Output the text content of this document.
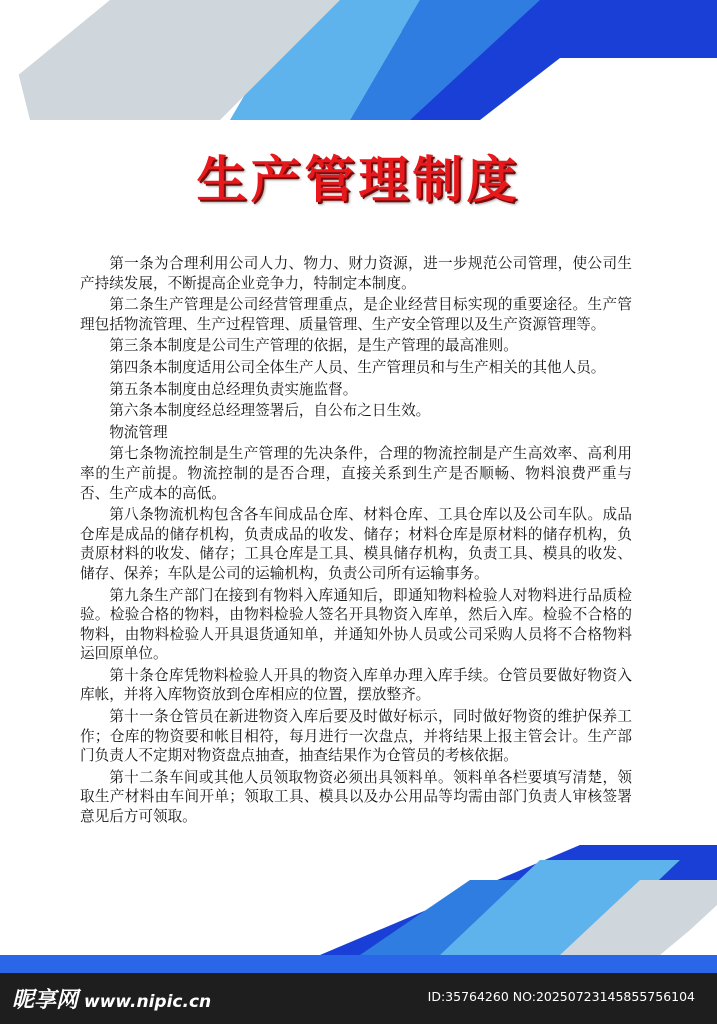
生产管理制度

第一条为合理利用公司人力、物力、财力资源，进一步规范公司管理，使公司生产持续发展，不断提高企业竞争力，特制定本制度。

第二条生产管理是公司经营管理重点，是企业经营目标实现的重要途径。生产管理包括物流管理、生产过程管理、质量管理、生产安全管理以及生产资源管理等。

第三条本制度是公司生产管理的依据，是生产管理的最高准则。

第四条本制度适用公司全体生产人员、生产管理员和与生产相关的其他人员。

第五条本制度由总经理负责实施监督。

第六条本制度经总经理签署后，自公布之日生效。

物流管理

第七条物流控制是生产管理的先决条件，合理的物流控制是产生高效率、高利用率的生产前提。物流控制的是否合理，直接关系到生产是否顺畅、物料浪费严重与否、生产成本的高低。

第八条物流机构包含各车间成品仓库、材料仓库、工具仓库以及公司车队。成品仓库是成品的储存机构，负责成品的收发、储存；材料仓库是原材料的储存机构，负责原材料的收发、储存；工具仓库是工具、模具储存机构，负责工具、模具的收发、储存、保养；车队是公司的运输机构，负责公司所有运输事务。

第九条生产部门在接到有物料入库通知后，即通知物料检验人对物料进行品质检验。检验合格的物料，由物料检验人签名开具物资入库单，然后入库。检验不合格的物料，由物料检验人开具退货通知单，并通知外协人员或公司采购人员将不合格物料运回原单位。

第十条仓库凭物料检验人开具的物资入库单办理入库手续。仓管员要做好物资入库帐，并将入库物资放到仓库相应的位置，摆放整齐。

第十一条仓管员在新进物资入库后要及时做好标示，同时做好物资的维护保养工作；仓库的物资要和帐目相符，每月进行一次盘点，并将结果上报主管会计。生产部门负责人不定期对物资盘点抽查，抽查结果作为仓管员的考核依据。

第十二条车间或其他人员领取物资必须出具领料单。领料单各栏要填写清楚，领取生产材料由车间开单；领取工具、模具以及办公用品等均需由部门负责人审核签署意见后方可领取。

昵享网 www.nipic.cn	ID:35764260 NO:20250723145855756104
